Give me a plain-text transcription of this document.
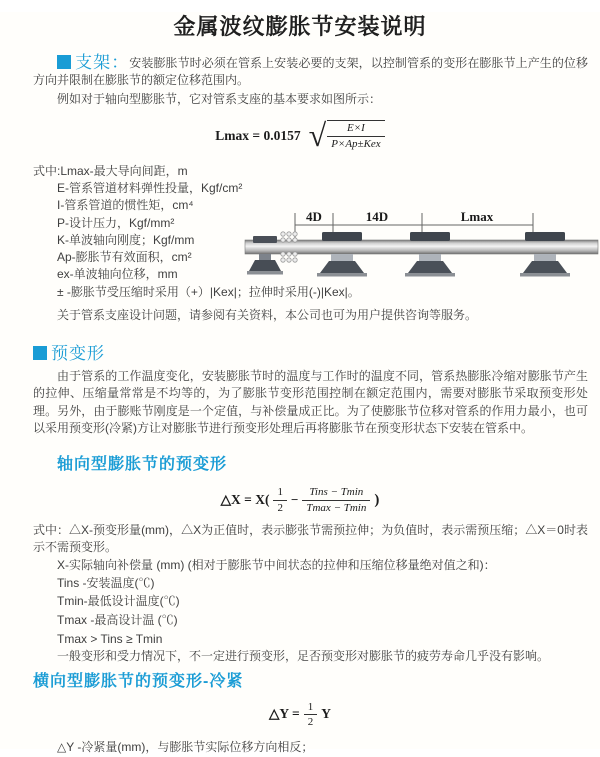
金属波纹膨胀节安装说明

支架：安装膨胀节时必须在管系上安装必要的支架，以控制管系的变形在膨胀节上产生的位移方向并限制在膨胀节的额定位移范围内。

例如对于轴向型膨胀节，它对管系支座的基本要求如图所示：

Lmax = 0.0157 √ $\frac{E\times I}{\text{P×Ap±Kex}}$
式中:Lmax-最大导向间距，m
E-管系管道材料弹性投量，Kgf/cm²
I-管系管道的惯性矩，cm⁴
P-设计压力，Kgf/mm²
K-单波轴向刚度；Kgf/mm
Ap-膨胀节有效面积，cm²
ex-单波轴向位移，mm
± -膨胀节受压缩时采用（+）|Kex|；拉伸时采用(-)|Kex|。
关于管系支座设计问题，请参阅有关资料，本公司也可为用户提供咨询等服务。
4D	14D	Lmax
预变形

由于管系的工作温度变化，安装膨胀节时的温度与工作时的温度不同，管系热膨胀冷缩对膨胀节产生的拉伸、压缩量常常是不均等的，为了膨胀节变形范围控制在额定范围内，需要对膨胀节采取预变形处理。另外，由于膨账节刚度是一个定值，与补偿量成正比。为了使膨胀节位移对管系的作用力最小，也可以采用预变形(冷紧)方让对膨胀节进行预变形处理后再将膨胀节在预变形状态下安装在管系中。

轴向型膨胀节的预变形
△X = $X( \frac{1}{2} - \frac{\text{Tins − Tmin}}{Tmax - Tmin}$ )

式中：△X-预变形量(mm)，△X为正值时，表示膨张节需预拉伸；为负值时，表示需预压缩；△X＝0时表示不需预变形。

X-实际轴向补偿量 (mm) (相对于膨胀节中间状态的拉伸和压缩位移量绝对值之和)：
Tins -安装温度(℃)
Tmin-最低设计温度(℃)
Tmax -最高设计温 (℃)
Tmax > Tins ≥ Tmin
一般变形和受力情况下，不一定进行预变形，足否预变形对膨胀节的疲劳寿命几乎没有影响。
横向型膨胀节的预变形-冷紧
△Y = $\frac{1}{2}$ Y
△Y -冷紧量(mm)，与膨胀节实际位移方向相反；
